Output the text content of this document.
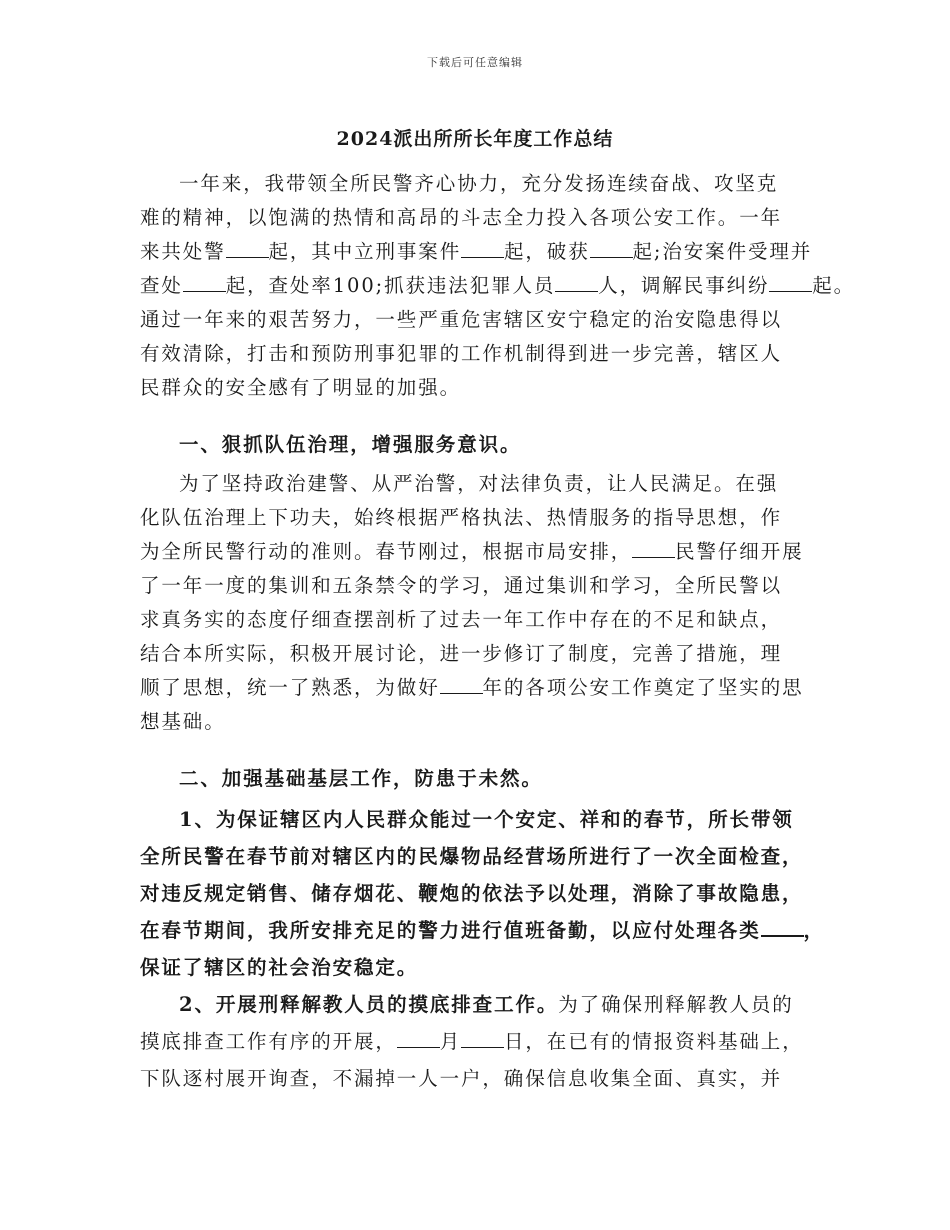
下载后可任意编辑
2024派出所所长年度工作总结
一年来，我带领全所民警齐心协力，充分发扬连续奋战、攻坚克
难的精神，以饱满的热情和高昂的斗志全力投入各项公安工作。一年
来共处警 起，其中立刑事案件 起，破获 起;治安案件受理并
查处 起，查处率100;抓获违法犯罪人员 人，调解民事纠纷 起。
通过一年来的艰苦努力，一些严重危害辖区安宁稳定的治安隐患得以
有效清除，打击和预防刑事犯罪的工作机制得到进一步完善，辖区人
民群众的安全感有了明显的加强。
一、狠抓队伍治理，增强服务意识。
为了坚持政治建警、从严治警，对法律负责，让人民满足。在强
化队伍治理上下功夫，始终根据严格执法、热情服务的指导思想，作
为全所民警行动的准则。春节刚过，根据市局安排， 民警仔细开展
了一年一度的集训和五条禁令的学习，通过集训和学习，全所民警以
求真务实的态度仔细查摆剖析了过去一年工作中存在的不足和缺点，
结合本所实际，积极开展讨论，进一步修订了制度，完善了措施，理
顺了思想，统一了熟悉，为做好 年的各项公安工作奠定了坚实的思
想基础。
二、加强基础基层工作，防患于未然。
1、为保证辖区内人民群众能过一个安定、祥和的春节，所长带领
全所民警在春节前对辖区内的民爆物品经营场所进行了一次全面检查，
对违反规定销售、储存烟花、鞭炮的依法予以处理，消除了事故隐患，
在春节期间，我所安排充足的警力进行值班备勤，以应付处理各类 ，
保证了辖区的社会治安稳定。
2、开展刑释解教人员的摸底排查工作。为了确保刑释解教人员的
摸底排查工作有序的开展， 月 日，在已有的情报资料基础上，
下队逐村展开询查，不漏掉一人一户，确保信息收集全面、真实，并
